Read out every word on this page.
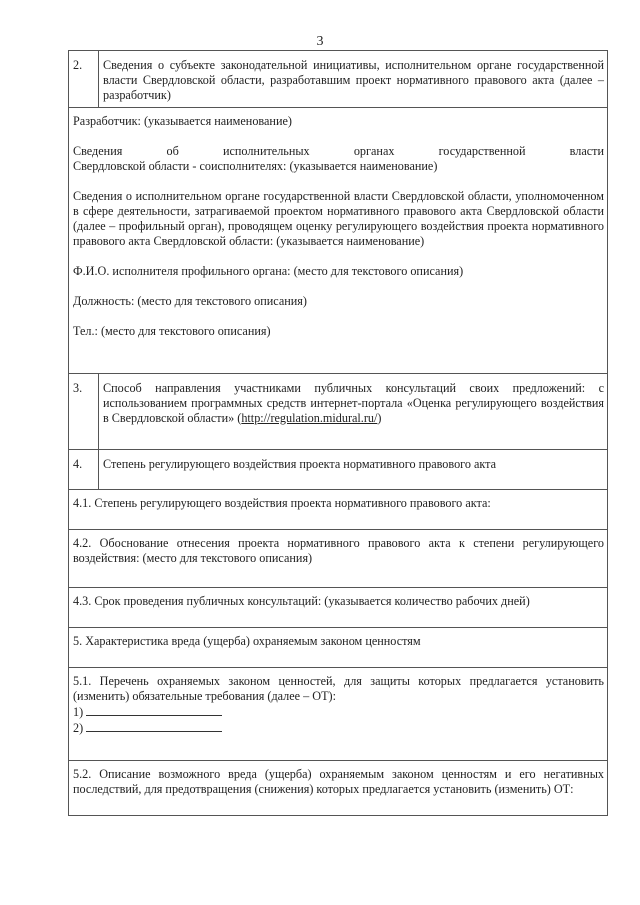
3
2.	Сведения о субъекте законодательной инициативы, исполнительном органе государственной власти Свердловской области, разработавшим проект нормативного правового акта (далее – разработчик)

Разработчик: (указывается наименование)

Сведения об исполнительных органах государственной власти

Свердловской области - соисполнителях: (указывается наименование)

Сведения о исполнительном органе государственной власти Свердловской области, уполномоченном в сфере деятельности, затрагиваемой проектом нормативного правового акта Свердловской области (далее – профильный орган), проводящем оценку регулирующего воздействия проекта нормативного правового акта Свердловской области: (указывается наименование)

Ф.И.О. исполнителя профильного органа: (место для текстового описания)

Должность: (место для текстового описания)

Тел.: (место для текстового описания)

3.	Способ направления участниками публичных консультаций своих предложений: с использованием программных средств интернет-портала «Оценка регулирующего воздействия в Свердловской области» (http://regulation.midural.ru/)
4.	Степень регулирующего воздействия проекта нормативного правового акта

4.1. Степень регулирующего воздействия проекта нормативного правового акта:

4.2. Обоснование отнесения проекта нормативного правового акта к степени регулирующего воздействия: (место для текстового описания)

4.3. Срок проведения публичных консультаций: (указывается количество рабочих дней)

5. Характеристика вреда (ущерба) охраняемым законом ценностям

5.1. Перечень охраняемых законом ценностей, для защиты которых предлагается установить (изменить) обязательные требования (далее – ОТ):

1)

2)

5.2. Описание возможного вреда (ущерба) охраняемым законом ценностям и его негативных последствий, для предотвращения (снижения) которых предлагается установить (изменить) ОТ:
